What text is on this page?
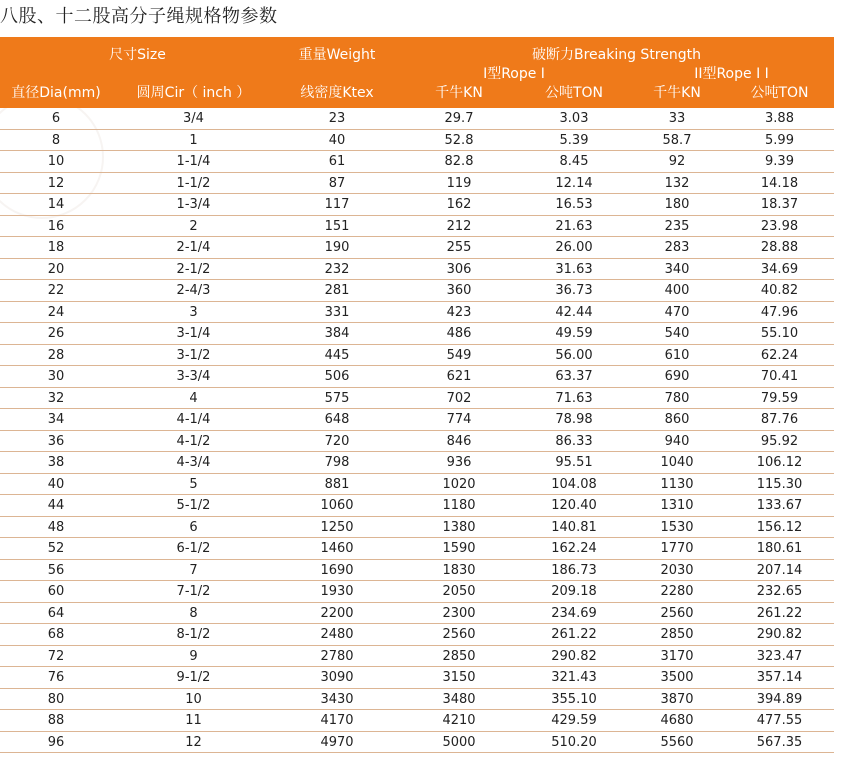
八股、十二股高分子绳规格物参数
尺寸Size	重量Weight	破断力Breaking Strength
I型Rope I	II型Rope I I
直径Dia(mm)	圆周Cir（ inch ）	线密度Ktex	千牛KN	公吨TON	千牛KN	公吨TON
6	3/4	23	29.7	3.03	33	3.88
8	1	40	52.8	5.39	58.7	5.99
10	1-1/4	61	82.8	8.45	92	9.39
12	1-1/2	87	119	12.14	132	14.18
14	1-3/4	117	162	16.53	180	18.37
16	2	151	212	21.63	235	23.98
18	2-1/4	190	255	26.00	283	28.88
20	2-1/2	232	306	31.63	340	34.69
22	2-4/3	281	360	36.73	400	40.82
24	3	331	423	42.44	470	47.96
26	3-1/4	384	486	49.59	540	55.10
28	3-1/2	445	549	56.00	610	62.24
30	3-3/4	506	621	63.37	690	70.41
32	4	575	702	71.63	780	79.59
34	4-1/4	648	774	78.98	860	87.76
36	4-1/2	720	846	86.33	940	95.92
38	4-3/4	798	936	95.51	1040	106.12
40	5	881	1020	104.08	1130	115.30
44	5-1/2	1060	1180	120.40	1310	133.67
48	6	1250	1380	140.81	1530	156.12
52	6-1/2	1460	1590	162.24	1770	180.61
56	7	1690	1830	186.73	2030	207.14
60	7-1/2	1930	2050	209.18	2280	232.65
64	8	2200	2300	234.69	2560	261.22
68	8-1/2	2480	2560	261.22	2850	290.82
72	9	2780	2850	290.82	3170	323.47
76	9-1/2	3090	3150	321.43	3500	357.14
80	10	3430	3480	355.10	3870	394.89
88	11	4170	4210	429.59	4680	477.55
96	12	4970	5000	510.20	5560	567.35
